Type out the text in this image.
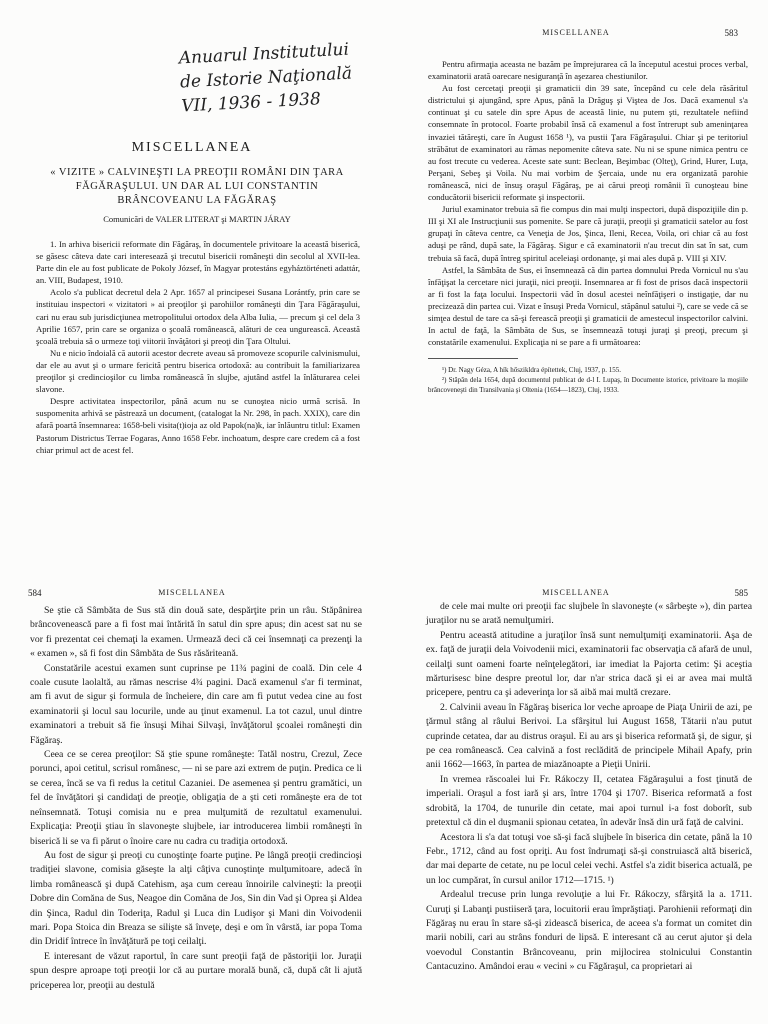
Anuarul Institutului
de Istorie Naţională
VII, 1936 - 1938
MISCELLANEA
« VIZITE » CALVINEŞTI LA PREOŢII ROMÂNI DIN ŢARA FĂGĂRAŞULUI. UN DAR AL LUI CONSTANTIN BRÂNCOVEANU LA FĂGĂRAŞ
Comunicări de VALER LITERAT şi MARTIN JÁRAY

1. In arhiva bisericii reformate din Făgăraş, în documentele privitoare la această biserică, se găsesc câteva date cari interesează şi trecutul bisericii româneşti din secolul al XVII-lea. Parte din ele au fost publicate de Pokoly József, în Magyar protestáns egyháztörténeti adattár, an. VIII, Budapest, 1910.

Acolo s'a publicat decretul dela 2 Apr. 1657 al principesei Susana Lorántfy, prin care se instituiau inspectori « vizitatori » ai preoţilor şi parohiilor româneşti din Ţara Făgăraşului, cari nu erau sub jurisdicţiunea metropolitului ortodox dela Alba Iulia, — precum şi cel dela 3 Aprilie 1657, prin care se organiza o şcoală românească, alături de cea ungurească. Această şcoală trebuia să o urmeze toţi viitorii învăţători şi preoţi din Ţara Oltului.

Nu e nicio îndoială că autorii acestor decrete aveau să promoveze scopurile calvinismului, dar ele au avut şi o urmare fericită pentru biserica ortodoxă: au contribuit la familiarizarea preoţilor şi credincioşilor cu limba românească în slujbe, ajutând astfel la înlăturarea celei slavone.

Despre activitatea inspectorilor, până acum nu se cunoştea nicio urmă scrisă. In suspomenita arhivă se păstrează un document, (catalogat la Nr. 298, în pach. XXIX), care din afară poartă însemnarea: 1658-beli visita(t)ioja az old Papok(na)k, iar înlăuntru titlul: Examen Pastorum Districtus Terrae Fogaras, Anno 1658 Febr. inchoatum, despre care credem că a fost chiar primul act de acest fel.

MISCELLANEA	583

Pentru afirmaţia aceasta ne bazăm pe împrejurarea că la începutul acestui proces verbal, examinatorii arată oarecare nesiguranţă în aşezarea chestiunilor.

Au fost cercetaţi preoţii şi gramaticii din 39 sate, începând cu cele dela răsăritul districtului şi ajungând, spre Apus, până la Drăguş şi Viştea de Jos. Dacă examenul s'a continuat şi cu satele din spre Apus de această linie, nu putem şti, rezultatele nefiind consemnate în protocol. Foarte probabil însă că examenul a fost întrerupt sub ameninţarea invaziei tătăreşti, care în August 1658 ¹), va pustii Ţara Făgăraşului. Chiar şi pe teritoriul străbătut de examinatori au rămas nepomenite câteva sate. Nu ni se spune nimica pentru ce au fost trecute cu vederea. Aceste sate sunt: Beclean, Beşimbac (Olteţ), Grind, Hurer, Luţa, Perşani, Sebeş şi Voila. Nu mai vorbim de Şercaia, unde nu era organizată parohie românească, nici de însuş oraşul Făgăraş, pe ai cărui preoţi românii îi cunoşteau bine conducătorii bisericii reformate şi inspectorii.

Juriul examinator trebuia să fie compus din mai mulţi inspectori, după dispoziţiile din p. III şi XI ale Instrucţiunii sus pomenite. Se pare că juraţii, preoţii şi gramaticii satelor au fost grupaţi în câteva centre, ca Veneţia de Jos, Şinca, Ileni, Recea, Voila, ori chiar că au fost aduşi pe rând, după sate, la Făgăraş. Sigur e că examinatorii n'au trecut din sat în sat, cum trebuia să facă, după întreg spiritul aceleiaşi ordonanţe, şi mai ales după p. VIII şi XIV.

Astfel, la Sâmbăta de Sus, ei însemnează că din partea domnului Preda Vornicul nu s'au înfăţişat la cercetare nici juraţii, nici preoţii. Insemnarea ar fi fost de prisos dacă inspectorii ar fi fost la faţa locului. Inspectorii văd în dosul acestei neînfăţişeri o instigaţie, dar nu precizează din partea cui. Vizat e însuşi Preda Vornicul, stăpânul satului ²), care se vede că se simţea destul de tare ca să-şi ferească preoţii şi gramaticii de amestecul inspectorilor calvini. In actul de faţă, la Sâmbăta de Sus, se însemnează totuşi juraţi şi preoţi, precum şi constatările examenului. Explicaţia ni se pare a fi următoarea:

¹) Dr. Nagy Géza, A hík hőszikldra építettek, Cluj, 1937, p. 155.

²) Stăpân dela 1654, după documentul publicat de d-l I. Lupaş, în Documente istorice, privitoare la moşiile brâncoveneşti din Transilvania şi Oltenia (1654—1823), Cluj, 1933.

584	MISCELLANEA

Se ştie că Sâmbăta de Sus stă din două sate, despărţite prin un râu. Stăpânirea brâncovenească pare a fi fost mai întărită în satul din spre apus; din acest sat nu se vor fi prezentat cei chemaţi la examen. Urmează deci că cei însemnaţi ca prezenţi la « examen », să fi fost din Sâmbăta de Sus răsăriteană.

Constatările acestui examen sunt cuprinse pe 11¾ pagini de coală. Din cele 4 coale cusute laolaltă, au rămas nescrise 4¾ pagini. Dacă examenul s'ar fi terminat, am fi avut de sigur şi formula de încheiere, din care am fi putut vedea cine au fost examinatorii şi locul sau locurile, unde au ţinut examenul. La tot cazul, unul dintre examinatori a trebuit să fie însuşi Mihai Silvaşi, învăţătorul şcoalei româneşti din Făgăraş.

Ceea ce se cerea preoţilor: Să ştie spune româneşte: Tatăl nostru, Crezul, Zece porunci, apoi cetitul, scrisul românesc, — ni se pare azi extrem de puţin. Predica ce li se cerea, încă se va fi redus la cetitul Cazaniei. De asemenea şi pentru gramătici, un fel de învăţători şi candidaţi de preoţie, obligaţia de a şti ceti româneşte era de tot neînsemnată. Totuşi comisia nu e prea mulţumită de rezultatul examenului. Explicaţia: Preoţii ştiau în slavoneşte slujbele, iar introducerea limbii româneşti în biserică li se va fi părut o înoire care nu cadra cu tradiţia ortodoxă.

Au fost de sigur şi preoţi cu cunoştinţe foarte puţine. Pe lângă preoţii credincioşi tradiţiei slavone, comisia găseşte la alţi câţiva cunoştinţe mulţumitoare, adecă în limba românească şi după Catehism, aşa cum cereau înnoirile calvineşti: la preoţii Dobre din Comăna de Sus, Neagoe din Comăna de Jos, Sin din Vad şi Oprea şi Aldea din Şinca, Radul din Toderiţa, Radul şi Luca din Ludişor şi Mani din Voivodenii mari. Popa Stoica din Breaza se silişte să înveţe, deşi e om în vârstă, iar popa Toma din Dridif întrece în învăţătură pe toţi ceilalţi.

E interesant de văzut raportul, în care sunt preoţii faţă de păstoriţii lor. Juraţii spun despre aproape toţi preoţii lor că au purtare morală bună, că, după cât li ajută priceperea lor, preoţii au destulă

MISCELLANEA	585

de cele mai multe ori preoţii fac slujbele în slavoneşte (« sârbeşte »), din partea juraţilor nu se arată nemulţumiri.

Pentru această atitudine a juraţilor însă sunt nemulţumiţi examinatorii. Aşa de ex. faţă de juraţii dela Voivodenii mici, examinatorii fac observaţia că afară de unul, ceilalţi sunt oameni foarte neînţelegători, iar imediat la Pajorta cetim: Şi aceştia mărturisesc bine despre preotul lor, dar n'ar strica dacă şi ei ar avea mai multă pricepere, pentru ca şi adeverinţa lor să aibă mai multă crezare.

2. Calvinii aveau în Făgăraş biserica lor veche aproape de Piaţa Unirii de azi, pe ţărmul stâng al râului Berivoi. La sfârşitul lui August 1658, Tătarii n'au putut cuprinde cetatea, dar au distrus oraşul. Ei au ars şi biserica reformată şi, de sigur, şi pe cea românească. Cea calvină a fost reclădită de principele Mihail Apafy, prin anii 1662—1663, în partea de miazănoapte a Pieţii Unirii.

In vremea răscoalei lui Fr. Rákoczy II, cetatea Făgăraşului a fost ţinută de imperiali. Oraşul a fost iară şi ars, între 1704 şi 1707. Biserica reformată a fost sdrobită, la 1704, de tunurile din cetate, mai apoi turnul i-a fost doborît, sub pretextul că din el duşmanii spionau cetatea, în adevăr însă din ură faţă de calvini.

Acestora li s'a dat totuşi voe să-şi facă slujbele în biserica din cetate, până la 10 Febr., 1712, când au fost opriţi. Au fost îndrumaţi să-şi construiască altă biserică, dar mai departe de cetate, nu pe locul celei vechi. Astfel s'a zidit biserica actuală, pe un loc cumpărat, în cursul anilor 1712—1715. ¹)

Ardealul trecuse prin lunga revoluţie a lui Fr. Rákoczy, sfârşită la a. 1711. Curuţi şi Labanţi pustiiseră ţara, locuitorii erau împrăştiaţi. Parohienii reformaţi din Făgăraş nu erau în stare să-şi zidească biserica, de aceea s'a format un comitet din marii nobili, cari au strâns fonduri de lipsă. E interesant că au cerut ajutor şi dela voevodul Constantin Brâncoveanu, prin mijlocirea stolnicului Constantin Cantacuzino. Amândoi erau « vecini » cu Făgăraşul, ca proprietari ai
